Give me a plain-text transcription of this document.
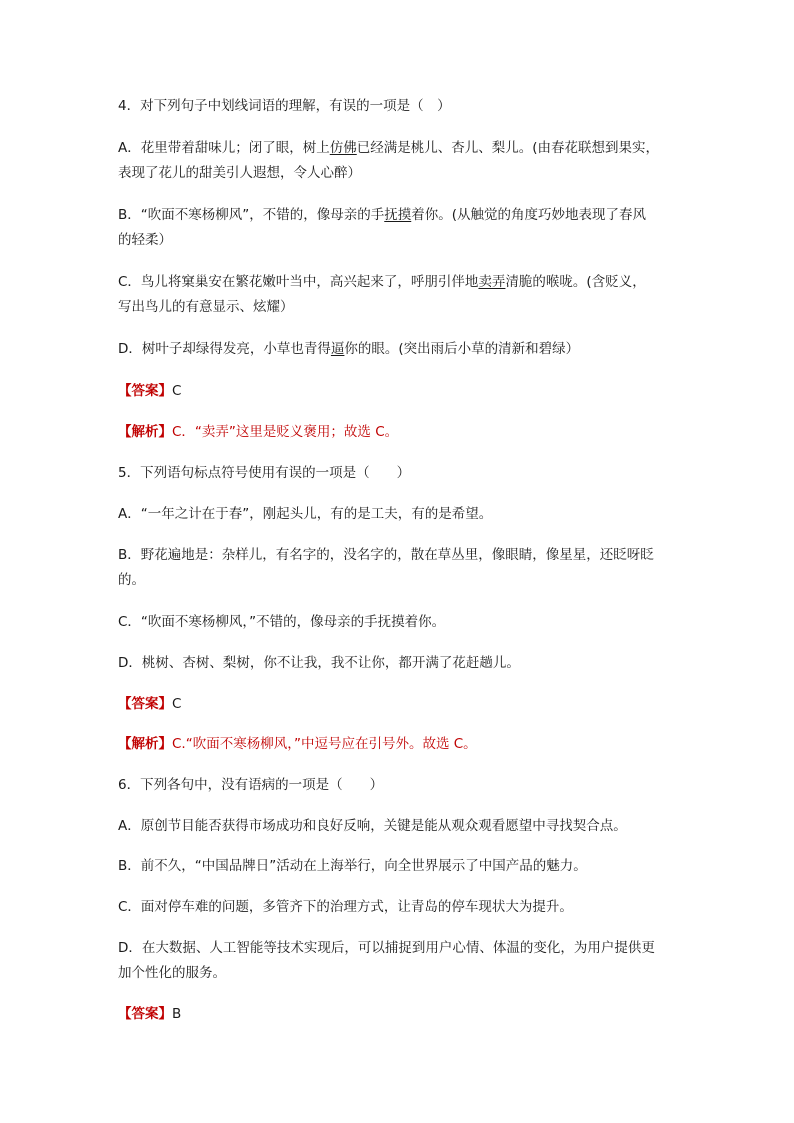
4．对下列句子中划线词语的理解，有误的一项是（　）
A．花里带着甜味儿；闭了眼，树上仿佛已经满是桃儿、杏儿、梨儿。(由春花联想到果实，
表现了花儿的甜美引人遐想，令人心醉）
B．“吹面不寒杨柳风”，不错的，像母亲的手抚摸着你。(从触觉的角度巧妙地表现了春风
的轻柔）
C．鸟儿将窠巢安在繁花嫩叶当中，高兴起来了，呼朋引伴地卖弄清脆的喉咙。(含贬义，
写出鸟儿的有意显示、炫耀）
D．树叶子却绿得发亮，小草也青得逼你的眼。(突出雨后小草的清新和碧绿）
【答案】C
【解析】C．“卖弄”这里是贬义褒用；故选 C。
5．下列语句标点符号使用有误的一项是（　　）
A．“一年之计在于春”，刚起头儿，有的是工夫，有的是希望。
B．野花遍地是：杂样儿，有名字的，没名字的，散在草丛里，像眼睛，像星星，还眨呀眨
的。
C．“吹面不寒杨柳风，”不错的，像母亲的手抚摸着你。
D．桃树、杏树、梨树，你不让我，我不让你，都开满了花赶趟儿。
【答案】C
【解析】C.“吹面不寒杨柳风，”中逗号应在引号外。故选 C。
6．下列各句中，没有语病的一项是（　　）
A．原创节目能否获得市场成功和良好反响，关键是能从观众观看愿望中寻找契合点。
B．前不久，“中国品牌日”活动在上海举行，向全世界展示了中国产品的魅力。
C．面对停车难的问题，多管齐下的治理方式，让青岛的停车现状大为提升。
D．在大数据、人工智能等技术实现后，可以捕捉到用户心情、体温的变化，为用户提供更
加个性化的服务。
【答案】B
